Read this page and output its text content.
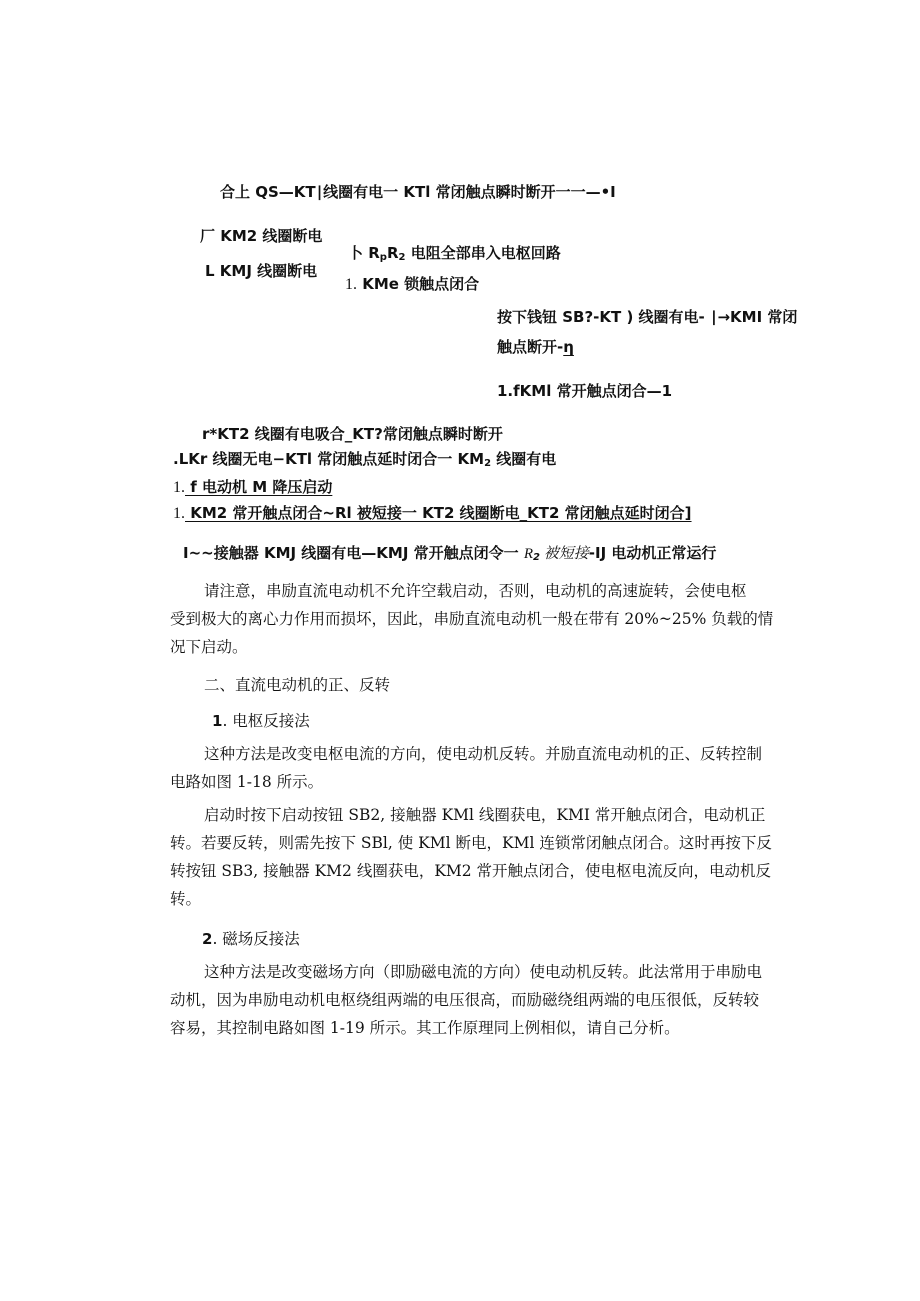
合上 QS—KT∣线圈有电一 KTl 常闭触点瞬时断开一一—•I
厂 KM2 线圈断电
卜 $R_pR_2$ 电阻全部串入电枢回路
L KMJ 线圈断电
1. KMe 锁触点闭合
按下钱钮 SB?-KT ) 线圈有电- ∣→KMI 常闭
触点断开-η
1.fKMl 常开触点闭合—1
r*KT2 线圈有电吸合_KT?常闭触点瞬时断开
.LKr 线圈无电−KTl 常闭触点延时闭合一 $KM_2$ 线圈有电
1. f 电动机 M 降压启动
1. KM2 常开触点闭合~Rl 被短接一 KT2 线圈断电_KT2 常闭触点延时闭合]
I~~接触器 KMJ 线圈有电—KMJ 常开触点闭令一 $R_2$ 被短接-IJ 电动机正常运行
请注意，串励直流电动机不允许空载启动，否则，电动机的高速旋转，会使电枢
受到极大的离心力作用而损坏，因此，串励直流电动机一般在带有 20%~25% 负载的情
况下启动。
二、直流电动机的正、反转
1. 电枢反接法
这种方法是改变电枢电流的方向，使电动机反转。并励直流电动机的正、反转控制
电路如图 1-18 所示。
启动时按下启动按钮 SB2, 接触器 KMl 线圈获电，KMI 常开触点闭合，电动机正
转。若要反转，则需先按下 SBl, 使 KMl 断电，KMl 连锁常闭触点闭合。这时再按下反
转按钮 SB3, 接触器 KM2 线圈获电，KM2 常开触点闭合，使电枢电流反向，电动机反
转。
2. 磁场反接法
这种方法是改变磁场方向（即励磁电流的方向）使电动机反转。此法常用于串励电
动机，因为串励电动机电枢绕组两端的电压很高，而励磁绕组两端的电压很低，反转较
容易，其控制电路如图 1-19 所示。其工作原理同上例相似，请自己分析。
